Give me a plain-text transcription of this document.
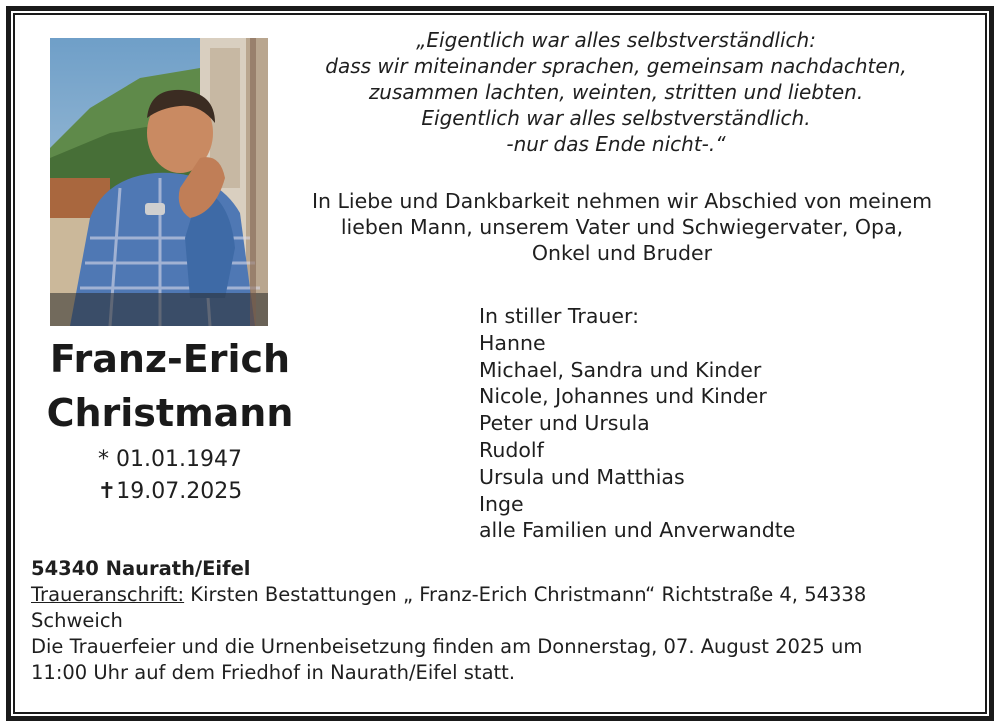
Franz-Erich
Christmann
* 01.01.1947
✝19.07.2025
„Eigentlich war alles selbstverständlich:
dass wir miteinander sprachen, gemeinsam nachdachten,
zusammen lachten, weinten, stritten und liebten.
Eigentlich war alles selbstverständlich.
-nur das Ende nicht-.“
In Liebe und Dankbarkeit nehmen wir Abschied von meinem
lieben Mann, unserem Vater und Schwiegervater, Opa,
Onkel und Bruder
In stiller Trauer:
Hanne
Michael, Sandra und Kinder
Nicole, Johannes und Kinder
Peter und Ursula
Rudolf
Ursula und Matthias
Inge
alle Familien und Anverwandte
54340 Naurath/Eifel
Traueranschrift: Kirsten Bestattungen „ Franz-Erich Christmann“ Richtstraße 4, 54338
Schweich
Die Trauerfeier und die Urnenbeisetzung finden am Donnerstag, 07. August 2025 um
11:00 Uhr auf dem Friedhof in Naurath/Eifel statt.
